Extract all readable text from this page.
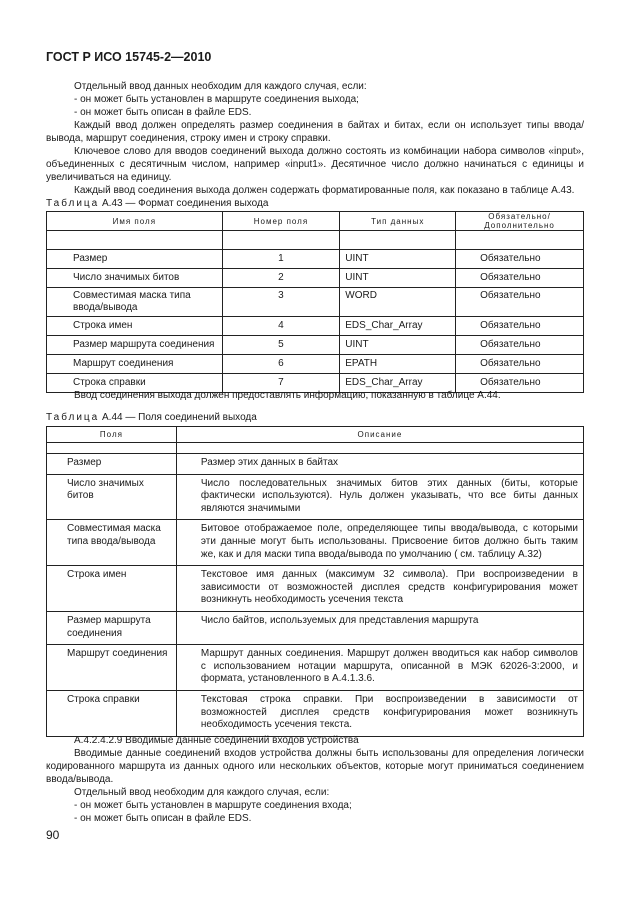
ГОСТ Р ИСО 15745-2—2010

Отдельный ввод данных необходим для каждого случая, если:

- он может быть установлен в маршруте соединения выхода;

- он может быть описан в файле EDS.

Каждый ввод должен определять размер соединения в байтах и битах, если он использует типы ввода/вывода, маршрут соединения, строку имен и строку справки.

Ключевое слово для вводов соединений выхода должно состоять из комбинации набора символов «input», объединенных с десятичным числом, например «input1». Десятичное число должно начинаться с единицы и увеличиваться на единицу.

Каждый ввод соединения выхода должен содержать форматированные поля, как показано в таблице А.43.

Таблица А.43 — Формат соединения выхода
Имя поля	Номер поля	Тип данных	Обязательно/ Дополнительно

Размер	1	UINT	Обязательно
Число значимых битов	2	UINT	Обязательно
Совместимая маска типа ввода/вывода	3	WORD	Обязательно
Строка имен	4	EDS_Char_Array	Обязательно
Размер маршрута соединения	5	UINT	Обязательно
Маршрут соединения	6	EPATH	Обязательно
Строка справки	7	EDS_Char_Array	Обязательно

Ввод соединения выхода должен предоставлять информацию, показанную в таблице А.44.

Таблица А.44 — Поля соединений выхода
Поля	Описание

Размер	Размер этих данных в байтах
Число значимых битов	Число последовательных значимых битов этих данных (биты, которые фактически используются). Нуль должен указывать, что все биты данных являются значимыми
Совместимая маска типа ввода/вывода	Битовое отображаемое поле, определяющее типы ввода/вывода, с которыми эти данные могут быть использованы. Присвоение битов должно быть таким же, как и для маски типа ввода/вывода по умолчанию ( см. таблицу А.32)
Строка имен	Текстовое имя данных (максимум 32 символа). При воспроизведении в зависимости от возможностей дисплея средств конфигурирования может возникнуть необходимость усечения текста
Размер маршрута соединения	Число байтов, используемых для представления маршрута
Маршрут соединения	Маршрут данных соединения. Маршрут должен вводиться как набор символов с использованием нотации маршрута, описанной в МЭК 62026-3:2000, и формата, установленного в А.4.1.3.6.
Строка справки	Текстовая строка справки. При воспроизведении в зависимости от возможностей дисплея средств конфигурирования может возникнуть необходимость усечения текста.

А.4.2.4.2.9 Вводимые данные соединений входов устройства

Вводимые данные соединений входов устройства должны быть использованы для определения логически кодированного маршрута из данных одного или нескольких объектов, которые могут приниматься соединением ввода/вывода.

Отдельный ввод необходим для каждого случая, если:

- он может быть установлен в маршруте соединения входа;

- он может быть описан в файле EDS.

90
